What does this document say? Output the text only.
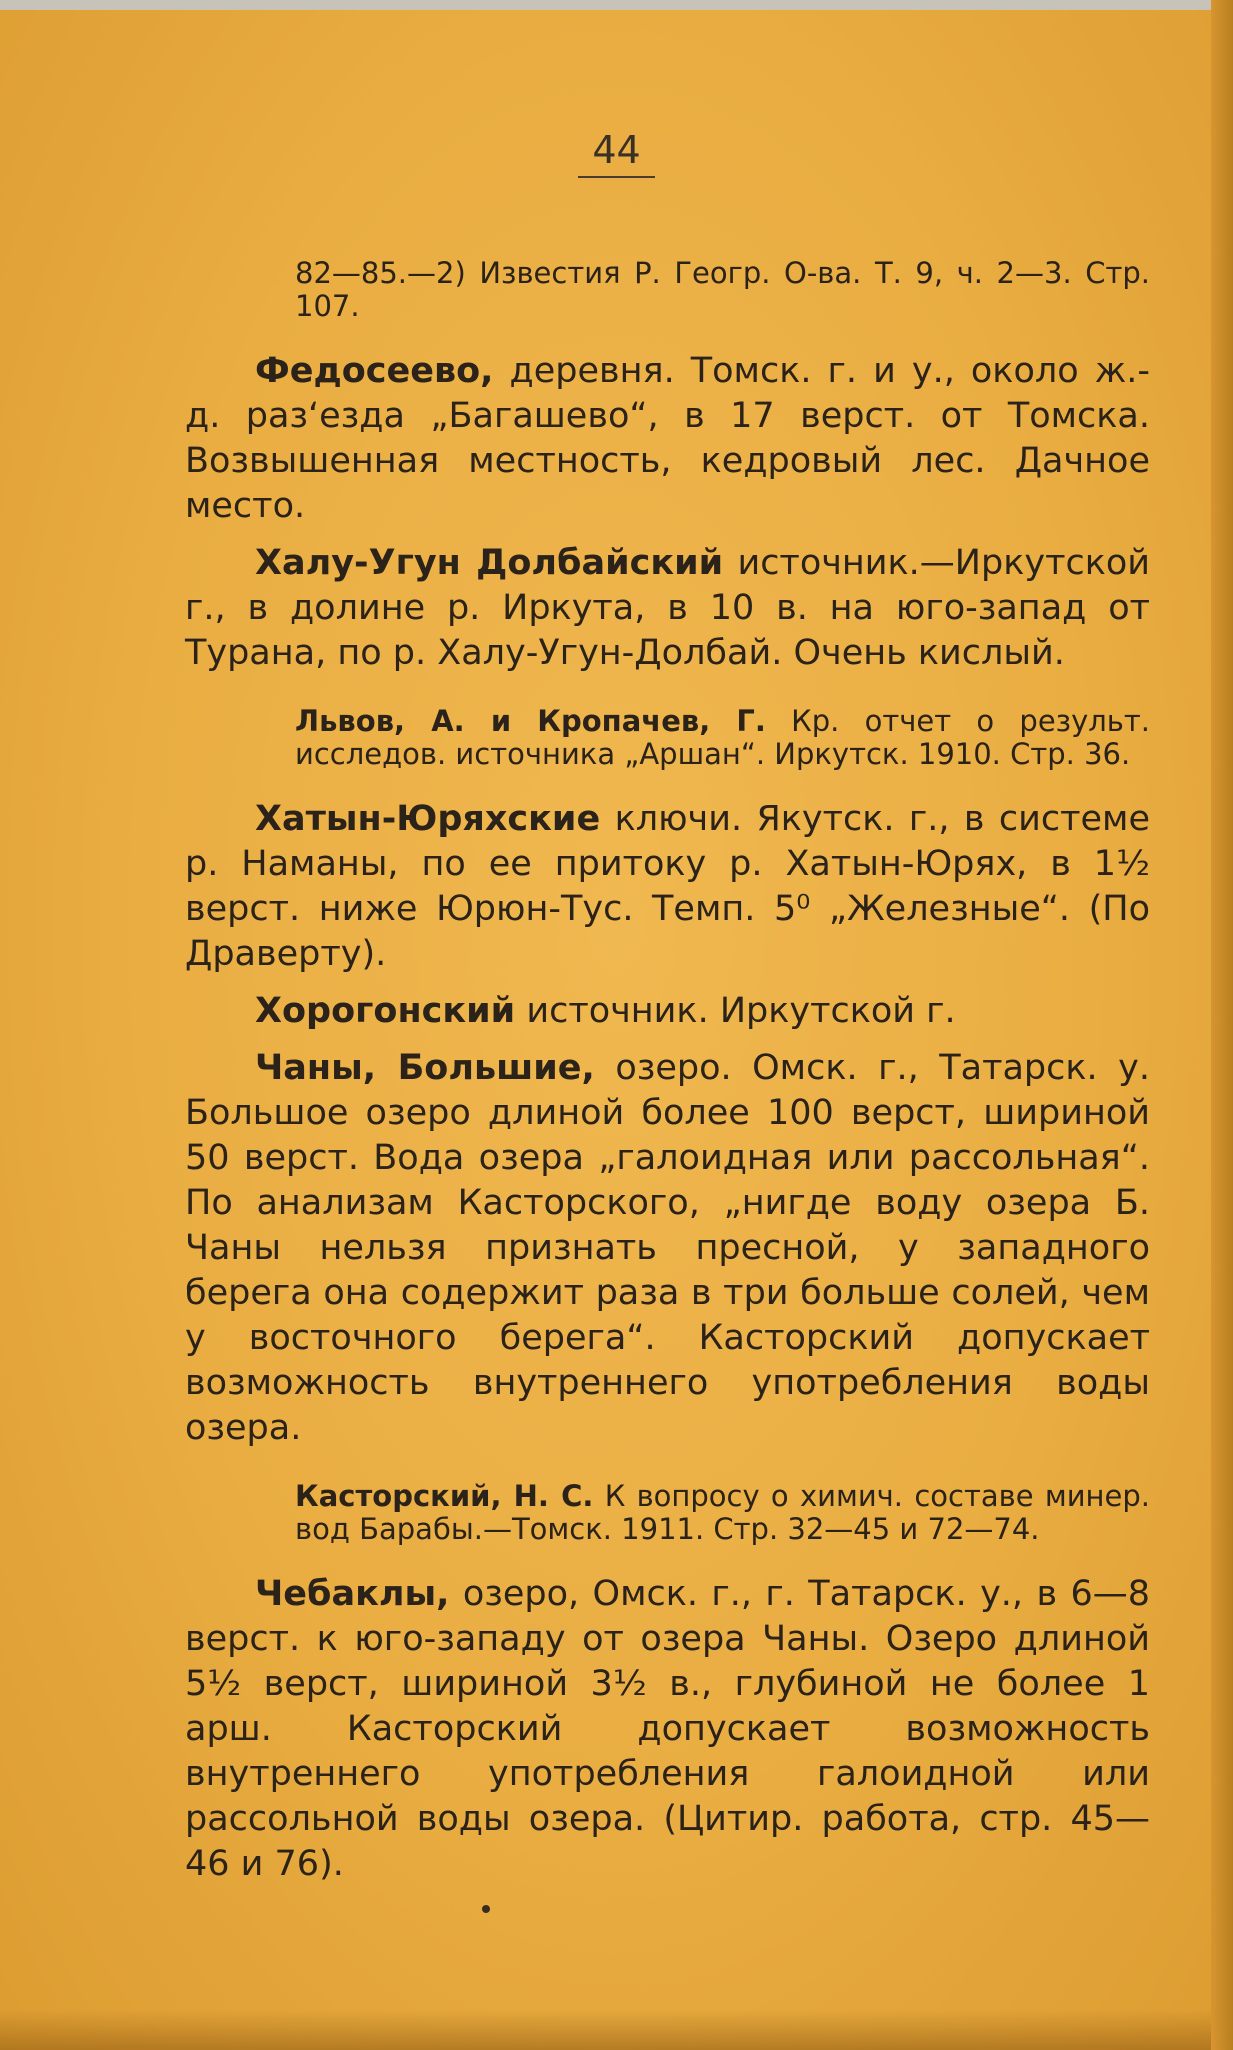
44

82—85.—2) Известия Р. Геогр. О-ва. Т. 9, ч. 2—3. Стр. 107.

Федосеево, деревня. Томск. г. и у., около ж.-д. раз‘езда „Багашево“, в 17 верст. от Томска. Возвышенная местность, кедровый лес. Дачное место.

Халу-Угун Долбайский источник.—Иркутской г., в долине р. Иркута, в 10 в. на юго-запад от Турана, по р. Халу-Угун-Долбай. Очень кислый.

Львов, А. и Кропачев, Г. Кр. отчет о результ. исследов. источника „Аршан“. Иркутск. 1910. Стр. 36.

Хатын-Юряхские ключи. Якутск. г., в системе р. Наманы, по ее притоку р. Хатын-Юрях, в 1½ верст. ниже Юрюн-Тус. Темп. 5⁰ „Железные“. (По Драверту).

Хорогонский источник. Иркутской г.

Чаны, Большие, озеро. Омск. г., Татарск. у. Большое озеро длиной более 100 верст, шириной 50 верст. Вода озера „галоидная или рассольная“. По анализам Касторского, „нигде воду озера Б. Чаны нельзя признать пресной, у западного берега она содержит раза в три больше солей, чем у восточного берега“. Касторский допускает возможность внутреннего употребления воды озера.

Касторский, Н. С. К вопросу о химич. составе минер. вод Барабы.—Томск. 1911. Стр. 32—45 и 72—74.

Чебаклы, озеро, Омск. г., г. Татарск. у., в 6—8 верст. к юго-западу от озера Чаны. Озеро длиной 5½ верст, шириной 3½ в., глубиной не более 1 арш. Касторский допускает возможность внутреннего употребления галоидной или рассольной воды озера. (Цитир. работа, стр. 45—46 и 76).
